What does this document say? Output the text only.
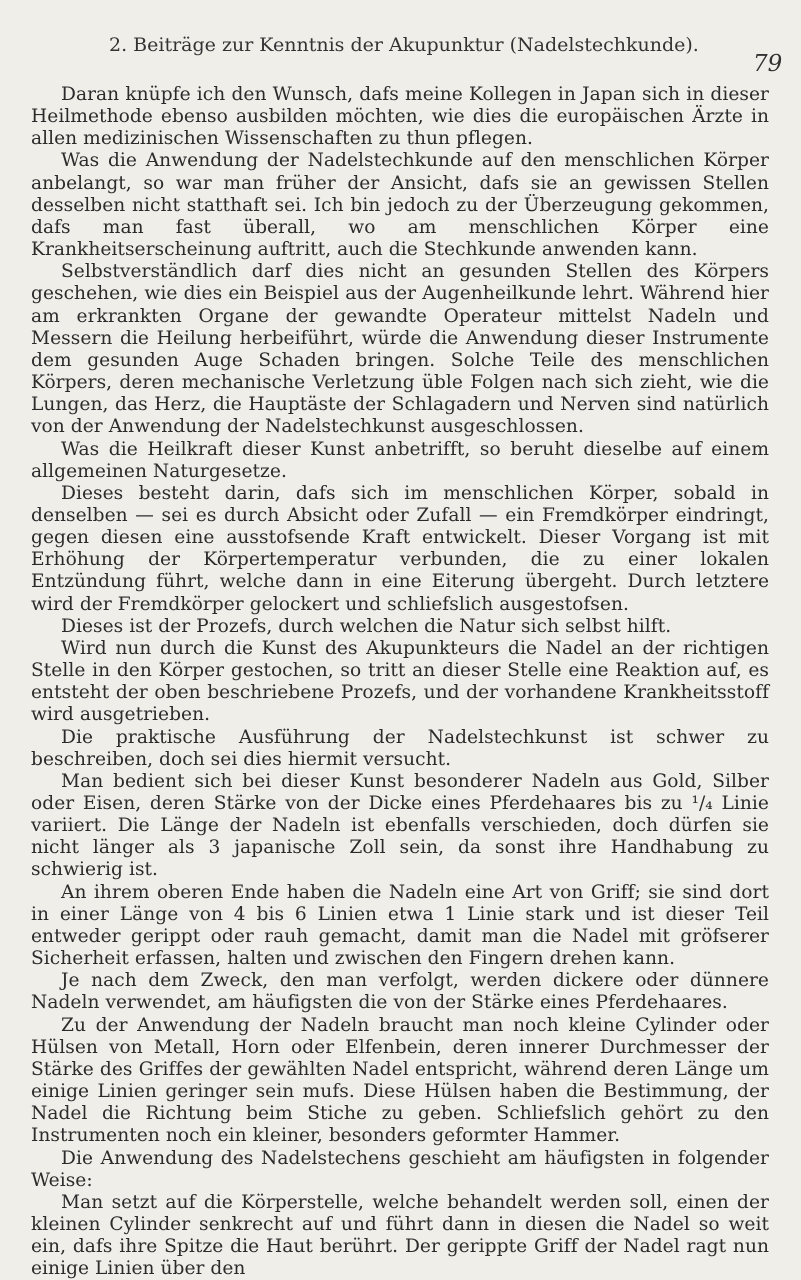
2. Beiträge zur Kenntnis der Akupunktur (Nadelstechkunde).
79

Daran knüpfe ich den Wunsch, dafs meine Kollegen in Japan sich in dieser Heilmethode ebenso ausbilden möchten, wie dies die europäischen Ärzte in allen medizinischen Wissenschaften zu thun pflegen.

Was die Anwendung der Nadelstechkunde auf den menschlichen Körper anbelangt, so war man früher der Ansicht, dafs sie an gewissen Stellen desselben nicht statthaft sei. Ich bin jedoch zu der Überzeugung gekommen, dafs man fast überall, wo am menschlichen Körper eine Krankheitserscheinung auftritt, auch die Stechkunde anwenden kann.

Selbstverständlich darf dies nicht an gesunden Stellen des Körpers geschehen, wie dies ein Beispiel aus der Augenheilkunde lehrt. Während hier am erkrankten Organe der gewandte Operateur mittelst Nadeln und Messern die Heilung herbeiführt, würde die Anwendung dieser Instrumente dem gesunden Auge Schaden bringen. Solche Teile des menschlichen Körpers, deren mechanische Verletzung üble Folgen nach sich zieht, wie die Lungen, das Herz, die Hauptäste der Schlagadern und Nerven sind natürlich von der Anwendung der Nadelstechkunst ausgeschlossen.

Was die Heilkraft dieser Kunst anbetrifft, so beruht dieselbe auf einem allgemeinen Naturgesetze.

Dieses besteht darin, dafs sich im menschlichen Körper, sobald in denselben — sei es durch Absicht oder Zufall — ein Fremdkörper eindringt, gegen diesen eine ausstofsende Kraft entwickelt. Dieser Vorgang ist mit Erhöhung der Körpertemperatur verbunden, die zu einer lokalen Entzündung führt, welche dann in eine Eiterung übergeht. Durch letztere wird der Fremdkörper gelockert und schliefslich ausgestofsen.

Dieses ist der Prozefs, durch welchen die Natur sich selbst hilft.

Wird nun durch die Kunst des Akupunkteurs die Nadel an der richtigen Stelle in den Körper gestochen, so tritt an dieser Stelle eine Reaktion auf, es entsteht der oben beschriebene Prozefs, und der vorhandene Krankheitsstoff wird ausgetrieben.

Die praktische Ausführung der Nadelstechkunst ist schwer zu beschreiben, doch sei dies hiermit versucht.

Man bedient sich bei dieser Kunst besonderer Nadeln aus Gold, Silber oder Eisen, deren Stärke von der Dicke eines Pferdehaares bis zu ¹/₄ Linie variiert. Die Länge der Nadeln ist ebenfalls verschieden, doch dürfen sie nicht länger als 3 japanische Zoll sein, da sonst ihre Handhabung zu schwierig ist.

An ihrem oberen Ende haben die Nadeln eine Art von Griff; sie sind dort in einer Länge von 4 bis 6 Linien etwa 1 Linie stark und ist dieser Teil entweder gerippt oder rauh gemacht, damit man die Nadel mit gröfserer Sicherheit erfassen, halten und zwischen den Fingern drehen kann.

Je nach dem Zweck, den man verfolgt, werden dickere oder dünnere Nadeln verwendet, am häufigsten die von der Stärke eines Pferdehaares.

Zu der Anwendung der Nadeln braucht man noch kleine Cylinder oder Hülsen von Metall, Horn oder Elfenbein, deren innerer Durchmesser der Stärke des Griffes der gewählten Nadel entspricht, während deren Länge um einige Linien geringer sein mufs. Diese Hülsen haben die Bestimmung, der Nadel die Richtung beim Stiche zu geben. Schliefslich gehört zu den Instrumenten noch ein kleiner, besonders geformter Hammer.

Die Anwendung des Nadelstechens geschieht am häufigsten in folgender Weise:

Man setzt auf die Körperstelle, welche behandelt werden soll, einen der kleinen Cylinder senkrecht auf und führt dann in diesen die Nadel so weit ein, dafs ihre Spitze die Haut berührt. Der gerippte Griff der Nadel ragt nun einige Linien über den
